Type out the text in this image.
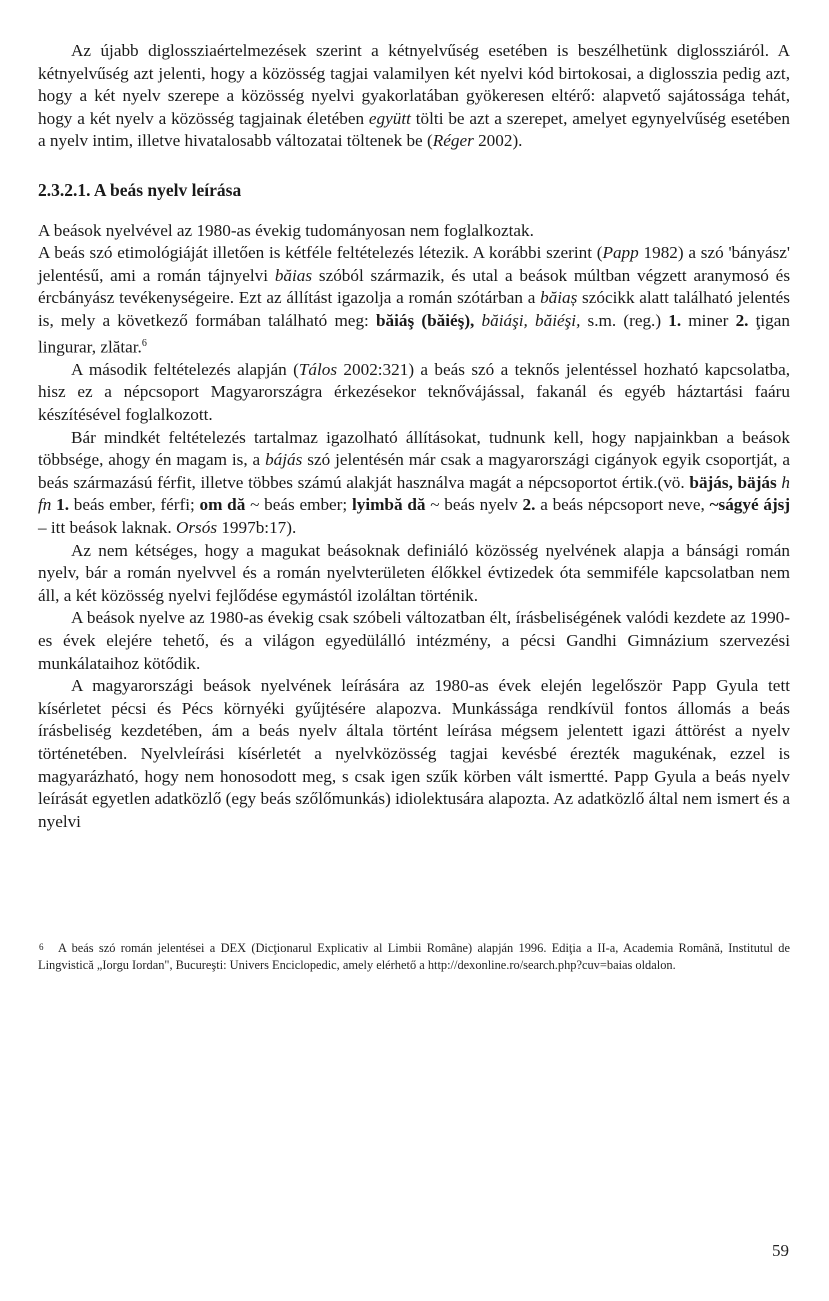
Az újabb diglossziaértelmezések szerint a kétnyelvűség esetében is beszélhetünk diglossziáról. A kétnyelvűség azt jelenti, hogy a közösség tagjai valamilyen két nyelvi kód birtokosai, a diglosszia pedig azt, hogy a két nyelv szerepe a közösség nyelvi gyakorlatában gyökeresen eltérő: alapvető sajátossága tehát, hogy a két nyelv a közösség tagjainak életében együtt tölti be azt a szerepet, amelyet egynyelvűség esetében a nyelv intim, illetve hivatalosabb változatai töltenek be (Réger 2002).

2.3.2.1. A beás nyelv leírása

A beások nyelvével az 1980-as évekig tudományosan nem foglalkoztak.

A beás szó etimológiáját illetően is kétféle feltételezés létezik. A korábbi szerint (Papp 1982) a szó 'bányász' jelentésű, ami a román tájnyelvi băias szóból származik, és utal a beások múltban végzett aranymosó és ércbányász tevékenységeire. Ezt az állítást igazolja a román szótárban a băiaș szócikk alatt található jelentés is, mely a következő formában található meg: băiáş (băiéş), băiáşi, băiéşi, s.m. (reg.) 1. miner 2. ţigan lingurar, zlătar.$^6$

A második feltételezés alapján (Tálos 2002:321) a beás szó a teknős jelentéssel hozható kapcsolatba, hisz ez a népcsoport Magyarországra érkezésekor teknővájással, fakanál és egyéb háztartási faáru készítésével foglalkozott.

Bár mindkét feltételezés tartalmaz igazolható állításokat, tudnunk kell, hogy napjainkban a beások többsége, ahogy én magam is, a bájás szó jelentésén már csak a magyarországi cigányok egyik csoportját, a beás származású férfit, illetve többes számú alakját használva magát a népcsoportot értik.(vö. bäjás, bäjás h fn 1. beás ember, férfi; om dă ~ beás ember; lyimbă dă ~ beás nyelv 2. a beás népcsoport neve, ~ságyé ájsj – itt beások laknak. Orsós 1997b:17).

Az nem kétséges, hogy a magukat beásoknak definiáló közösség nyelvének alapja a bánsági román nyelv, bár a román nyelvvel és a román nyelvterületen élőkkel évtizedek óta semmiféle kapcsolatban nem áll, a két közösség nyelvi fejlődése egymástól izoláltan történik.

A beások nyelve az 1980-as évekig csak szóbeli változatban élt, írásbeliségének valódi kezdete az 1990-es évek elejére tehető, és a világon egyedülálló intézmény, a pécsi Gandhi Gimnázium szervezési munkálataihoz kötődik.

A magyarországi beások nyelvének leírására az 1980-as évek elején legelőször Papp Gyula tett kísérletet pécsi és Pécs környéki gyűjtésére alapozva. Munkássága rendkívül fontos állomás a beás írásbeliség kezdetében, ám a beás nyelv általa történt leírása mégsem jelentett igazi áttörést a nyelv történetében. Nyelvleírási kísérletét a nyelvközösség tagjai kevésbé érezték magukénak, ezzel is magyarázható, hogy nem honosodott meg, s csak igen szűk körben vált ismertté. Papp Gyula a beás nyelv leírását egyetlen adatközlő (egy beás szőlőmunkás) idiolektusára alapozta. Az adatközlő által nem ismert és a nyelvi

6	A beás szó román jelentései a DEX (Dicţionarul Explicativ al Limbii Române) alapján 1996. Ediţia a II-a, Academia Română, Institutul de Lingvistică „Iorgu Iordan", Bucureşti: Univers Enciclopedic, amely elérhető a http://dexonline.ro/search.php?cuv=baias oldalon.

59
